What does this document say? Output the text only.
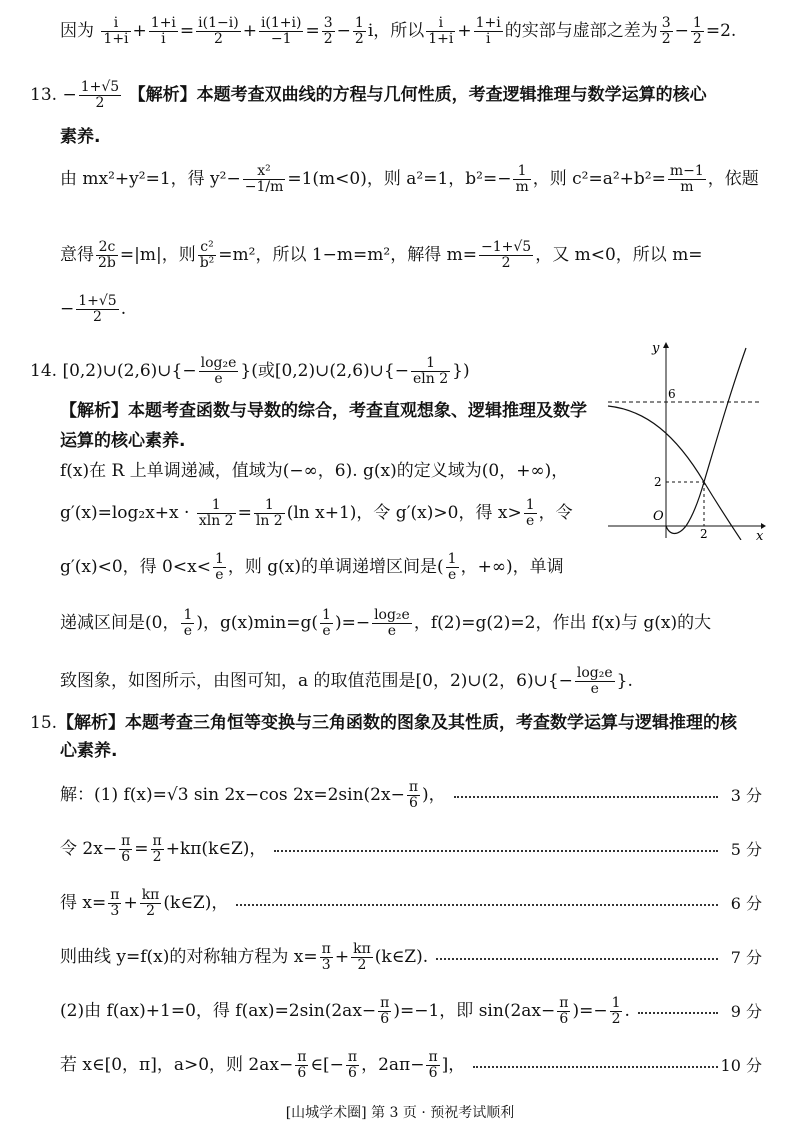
因为 $\frac{i}{1+i} + \frac{1+i}{i} = \frac{i(1-i)}{2} + \frac{i(1+i)}{-1} = \frac{3}{2} - \frac{1}{2}$ i，所以 $\frac{i}{1+i} + \frac{1+i}{i}$ 的实部与虚部之差为 $\frac{3}{2} - \frac{1}{2} =2$.
13. − $\frac{1+√5}{2}$ 【解析】本题考查双曲线的方程与几何性质，考查逻辑推理与数学运算的核心
素养.
由 mx²+y²=1，得 $y^2- \frac{\text{x²}}{-1/m} =1(m<0)$，则 a²=1，$b^2=- \frac{1}{m}$ ，则 $c^2=a^2+b^2= \frac{m-1}{m}$ ，依题
意得 $\frac{2c}{2b} =|m|$，则 $\frac{\text{c²}}{\text{b²}} =m^2$，所以 1−m=m²，解得 $m= \frac{-1+√5}{2}$ ，又 m<0，所以 m=
− $\frac{1+√5}{2}$ .
14. [0,2)∪(2,6)∪{− $\frac{\text{log₂e}}{e}$ }(或[0,2)∪(2,6)∪{− $\frac{1}{eln 2}$ })
【解析】本题考查函数与导数的综合，考查直观想象、逻辑推理及数学
运算的核心素养.
f(x)在 R 上单调递减，值域为(−∞，6). g(x)的定义域为(0，+∞)，
$g'(x)=\log_2x+x \cdot \frac{1}{xln 2} = \frac{1}{\ln 2} (\ln$ x+1)，令 g′(x)>0，得 $x> \frac{1}{e}$ ，令
g′(x)<0，得 $0<x< \frac{1}{e}$ ，则 g(x)的单调递增区间是( $\frac{1}{e}$ ，+∞)，单调
递减区间是(0， $\frac{1}{e}$ )，$g(x)\min=g( \frac{1}{e}$ )=− $\frac{\text{log₂e}}{e}$ ，f(2)=g(2)=2，作出 f(x)与 g(x)的大
致图象，如图所示，由图可知，a 的取值范围是[0，2)∪(2，6)∪{− $\frac{\text{log₂e}}{e}$ }.
y
x
O
6
2
2
15.【解析】本题考查三角恒等变换与三角函数的图象及其性质，考查数学运算与逻辑推理的核
心素养.
解：(1) f(x)=√3 sin 2x−cos $2x=2\sin(2x- \frac{\pi}{6}$ )，	3 分
令 $2x- \frac{\pi}{6} = \frac{\pi}{2}$ +kπ(k∈Z)，	5 分
得 $x= \frac{\pi}{3} + \frac{k\pi}{2}$ (k∈Z)，	6 分
则曲线 y=f(x)的对称轴方程为 $x= \frac{\pi}{3} + \frac{k\pi}{2}$ (k∈Z).	7 分
(2)由 f(ax)+1=0，得 $f(ax)=2\sin(2ax- \frac{\pi}{6} )=-1$，即 $\sin(2ax- \frac{\pi}{6}$ )=− $\frac{1}{2}$ .	9 分
若 x∈[0，π]，a>0，则 $2ax- \frac{\pi}{6}$ ∈[− $\frac{\pi}{6}$ ，$2a\pi- \frac{\pi}{6}$ ]，	10 分
[山城学术圈] 第 3 页 · 预祝考试顺利
